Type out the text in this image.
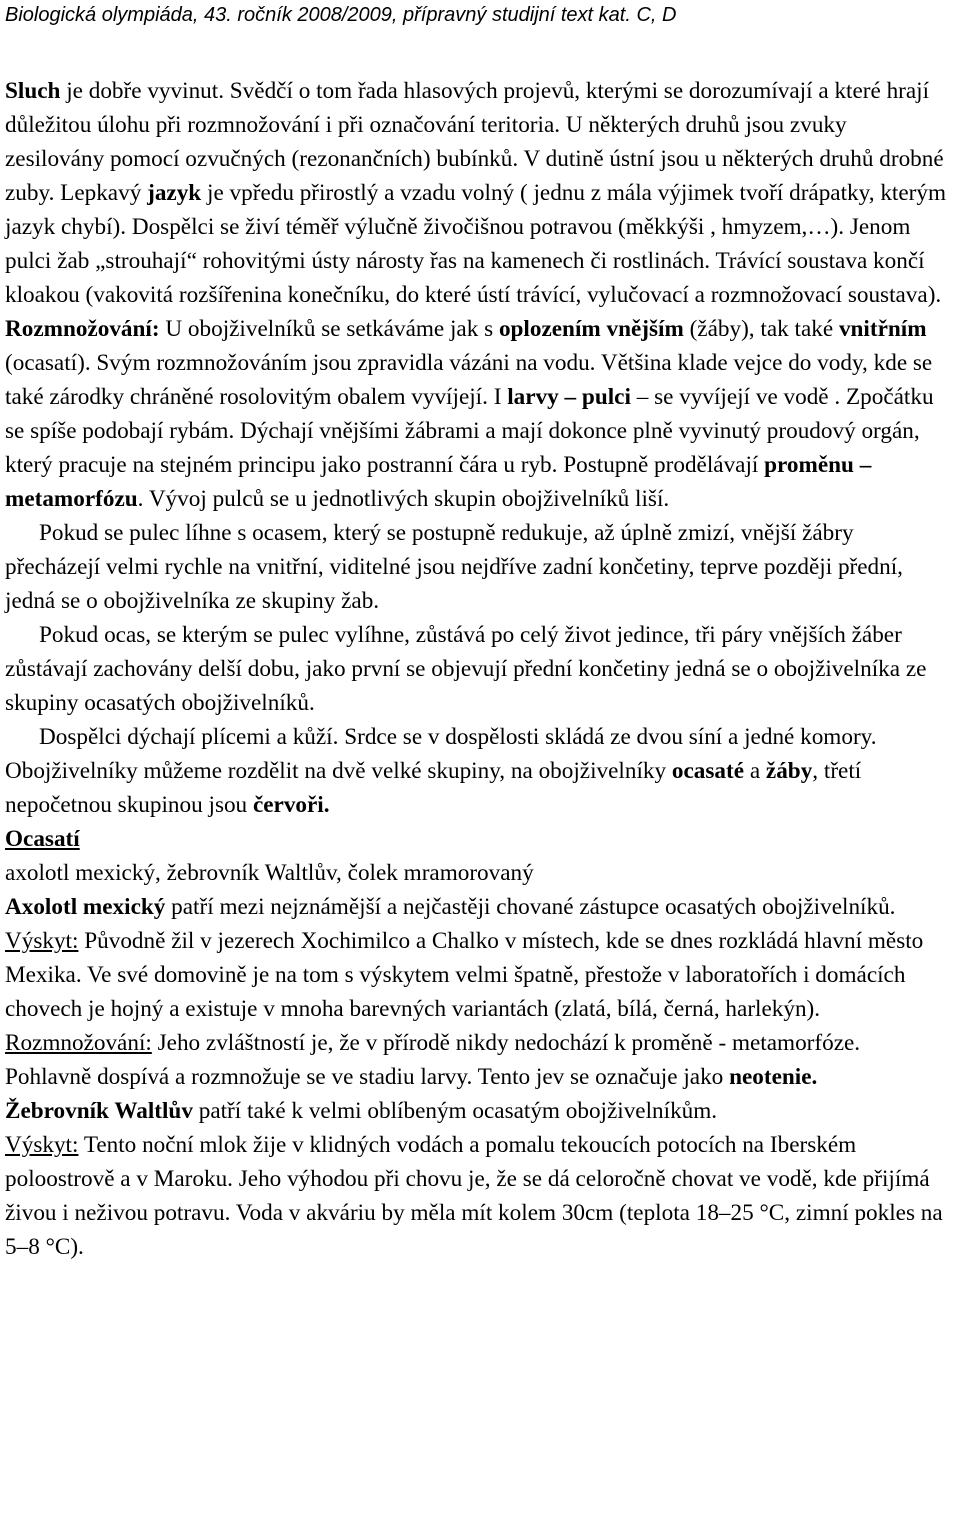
Biologická olympiáda, 43. ročník 2008/2009, přípravný studijní text kat. C, D

Sluch je dobře vyvinut. Svědčí o tom řada hlasových projevů, kterými se dorozumívají a které hrají důležitou úlohu při rozmnožování i při označování teritoria. U některých druhů jsou zvuky zesilovány pomocí ozvučných (rezonančních) bubínků. V dutině ústní jsou u některých druhů drobné zuby. Lepkavý jazyk je vpředu přirostlý a vzadu volný ( jednu z mála výjimek tvoří drápatky, kterým jazyk chybí). Dospělci se živí téměř výlučně živočišnou potravou (měkkýši , hmyzem,…). Jenom pulci žab „strouhají“ rohovitými ústy nárosty řas na kamenech či rostlinách. Trávící soustava končí kloakou (vakovitá rozšířenina konečníku, do které ústí trávící, vylučovací a rozmnožovací soustava).

Rozmnožování: U obojživelníků se setkáváme jak s oplozením vnějším (žáby), tak také vnitřním (ocasatí). Svým rozmnožováním jsou zpravidla vázáni na vodu. Většina klade vejce do vody, kde se také zárodky chráněné rosolovitým obalem vyvíjejí. I larvy – pulci – se vyvíjejí ve vodě . Zpočátku se spíše podobají rybám. Dýchají vnějšími žábrami a mají dokonce plně vyvinutý proudový orgán, který pracuje na stejném principu jako postranní čára u ryb. Postupně prodělávají proměnu – metamorfózu. Vývoj pulců se u jednotlivých skupin obojživelníků liší.

Pokud se pulec líhne s ocasem, který se postupně redukuje, až úplně zmizí, vnější žábry přecházejí velmi rychle na vnitřní, viditelné jsou nejdříve zadní končetiny, teprve později přední, jedná se o obojživelníka ze skupiny žab.

Pokud ocas, se kterým se pulec vylíhne, zůstává po celý život jedince, tři páry vnějších žáber zůstávají zachovány delší dobu, jako první se objevují přední končetiny jedná se o obojživelníka ze skupiny ocasatých obojživelníků.

Dospělci dýchají plícemi a kůží. Srdce se v dospělosti skládá ze dvou síní a jedné komory. Obojživelníky můžeme rozdělit na dvě velké skupiny, na obojživelníky ocasaté a žáby, třetí nepočetnou skupinou jsou červoři.

Ocasatí

axolotl mexický, žebrovník Waltlův, čolek mramorovaný

Axolotl mexický patří mezi nejznámější a nejčastěji chované zástupce ocasatých obojživelníků.

Výskyt: Původně žil v jezerech Xochimilco a Chalko v místech, kde se dnes rozkládá hlavní město Mexika. Ve své domovině je na tom s výskytem velmi špatně, přestože v laboratořích i domácích chovech je hojný a existuje v mnoha barevných variantách (zlatá, bílá, černá, harlekýn).

Rozmnožování: Jeho zvláštností je, že v přírodě nikdy nedochází k proměně - metamorfóze. Pohlavně dospívá a rozmnožuje se ve stadiu larvy. Tento jev se označuje jako neotenie.

Žebrovník Waltlův patří také k velmi oblíbeným ocasatým obojživelníkům.

Výskyt: Tento noční mlok žije v klidných vodách a pomalu tekoucích potocích na Iberském poloostrově a v Maroku. Jeho výhodou při chovu je, že se dá celoročně chovat ve vodě, kde přijímá živou i neživou potravu. Voda v akváriu by měla mít kolem 30cm (teplota 18‒25 °C, zimní pokles na 5‒8 °C).
